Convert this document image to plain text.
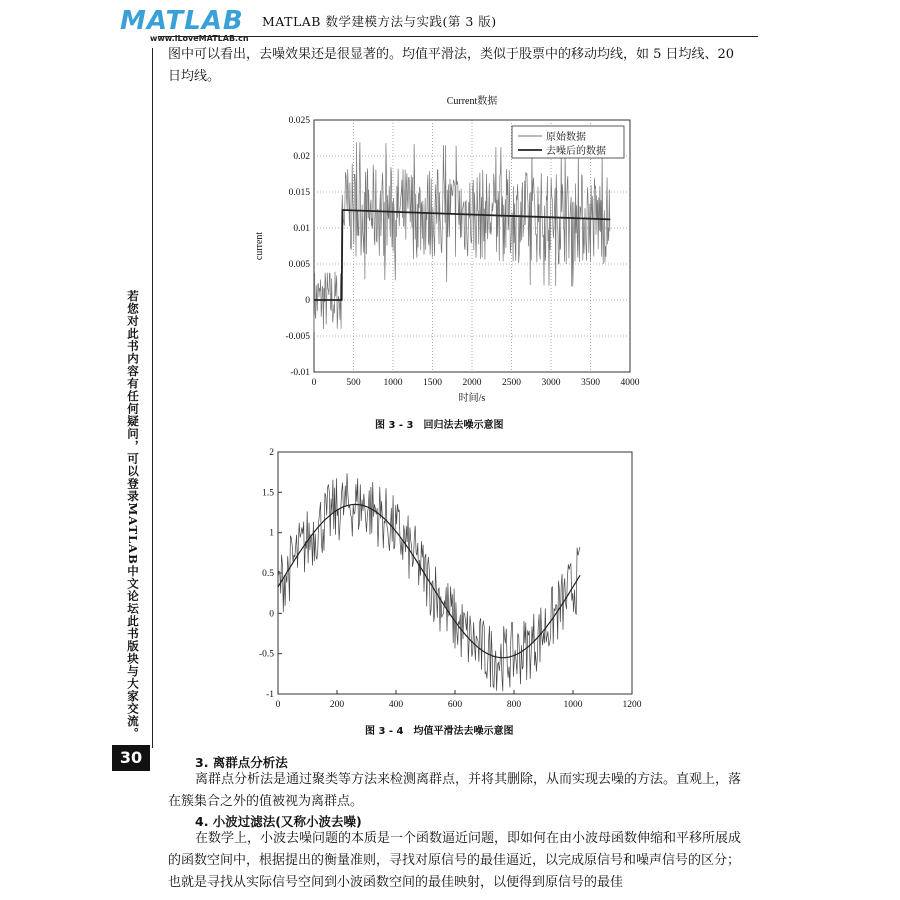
MATLAB
www.iLoveMATLAB.cn
MATLAB 数学建模方法与实践(第 3 版)
若您对此书内容有任何疑问，可以登录MATLAB中文论坛此书版块与大家交流。
30
图中可以看出，去噪效果还是很显著的。均值平滑法，类似于股票中的移动均线，如 5 日均线、20 日均线。
Current数据
0	500 1000 1500 2000 2500 3000 3500 4000
-0.01
-0.005
0
0.005
0.01
0.015
0.02
0.025
时间/s
current
原始数据
去噪后的数据
图 3 - 3　回归法去噪示意图
0	200	400	600	800	1000	1200
-1
-0.5
0
0.5
1
1.5
2
图 3 - 4　均值平滑法去噪示意图
3. 离群点分析法
离群点分析法是通过聚类等方法来检测离群点，并将其删除，从而实现去噪的方法。直观上，落在簇集合之外的值被视为离群点。
4. 小波过滤法(又称小波去噪)
在数学上，小波去噪问题的本质是一个函数逼近问题，即如何在由小波母函数伸缩和平移所展成的函数空间中，根据提出的衡量准则，寻找对原信号的最佳逼近，以完成原信号和噪声信号的区分；也就是寻找从实际信号空间到小波函数空间的最佳映射，以便得到原信号的最佳
